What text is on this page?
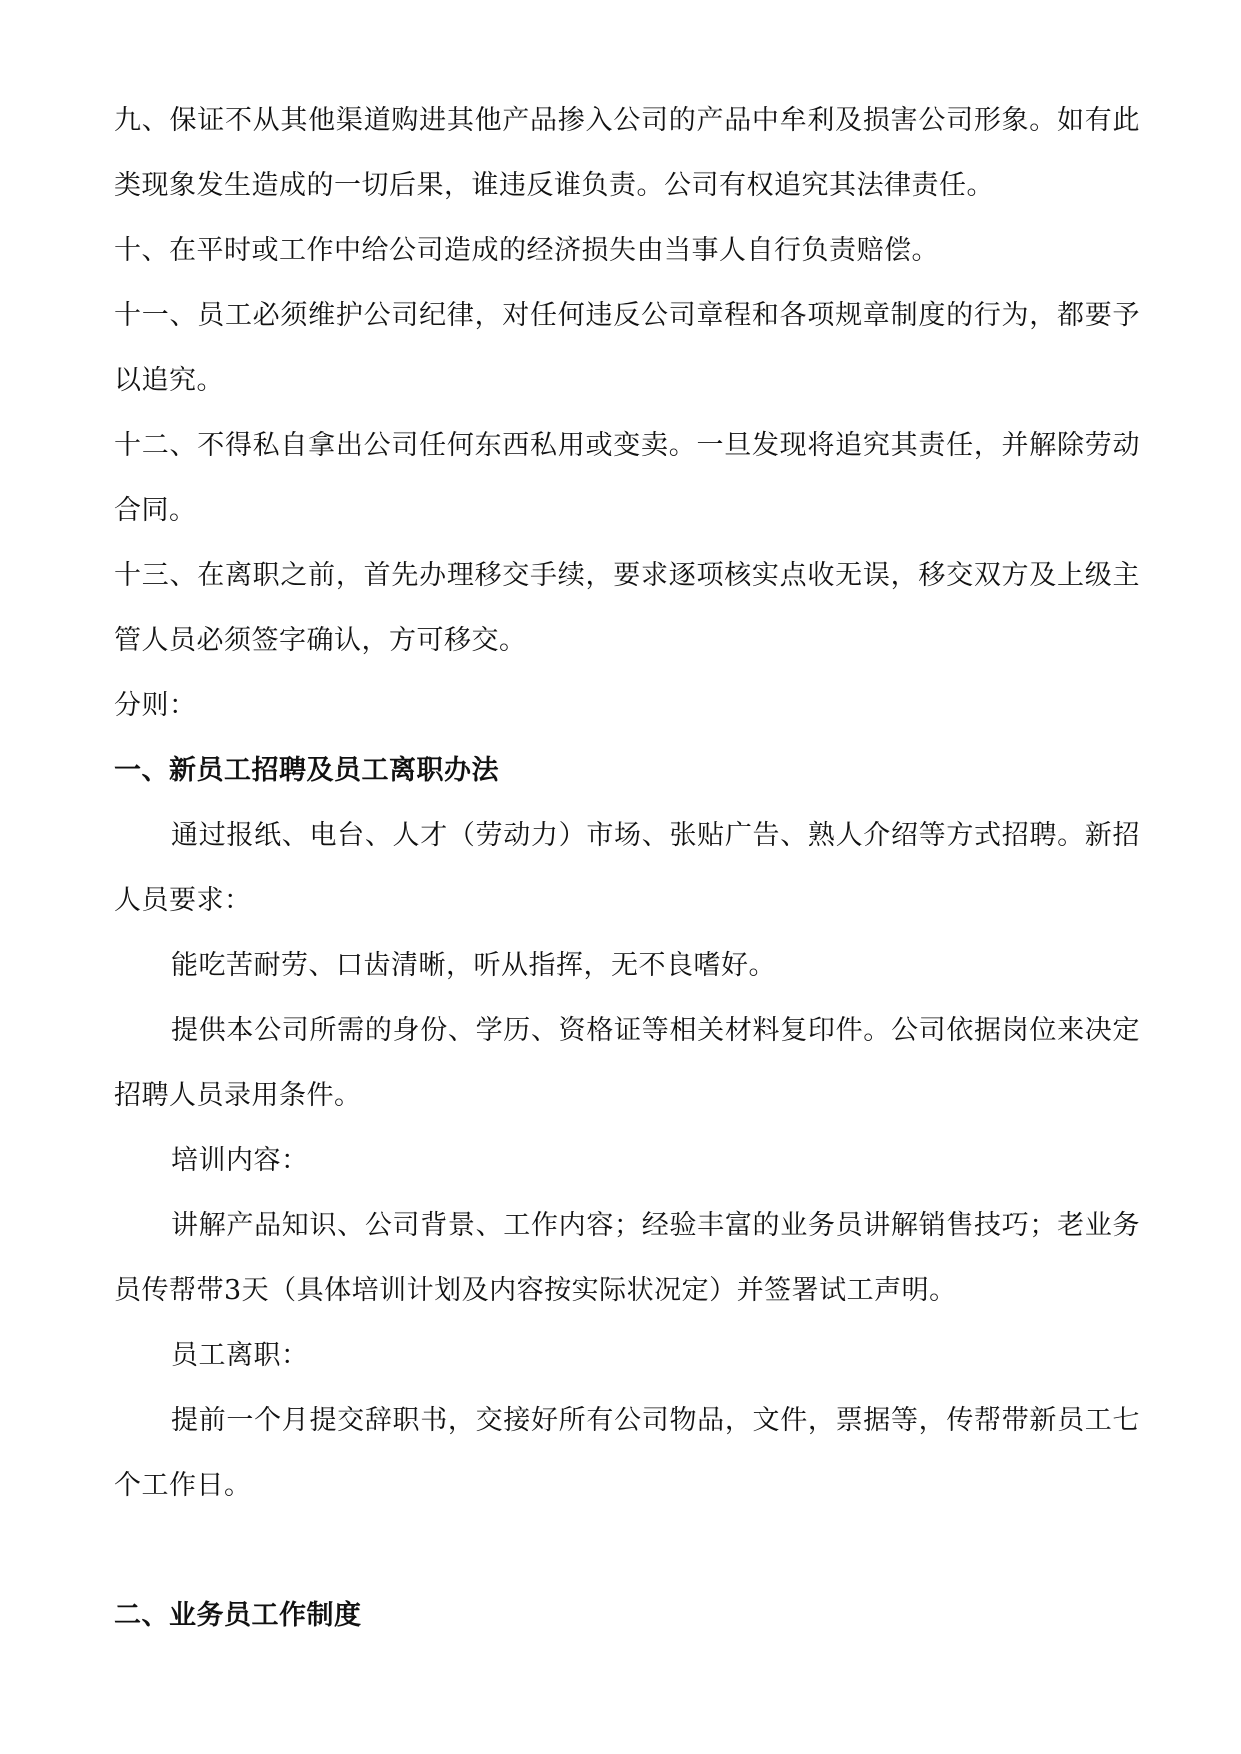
九、保证不从其他渠道购进其他产品掺入公司的产品中牟利及损害公司形象。如有此类现象发生造成的一切后果，谁违反谁负责。公司有权追究其法律责任。

十、在平时或工作中给公司造成的经济损失由当事人自行负责赔偿。

十一、员工必须维护公司纪律，对任何违反公司章程和各项规章制度的行为，都要予以追究。

十二、不得私自拿出公司任何东西私用或变卖。一旦发现将追究其责任，并解除劳动合同。

十三、在离职之前，首先办理移交手续，要求逐项核实点收无误，移交双方及上级主管人员必须签字确认，方可移交。

分则：

一、新员工招聘及员工离职办法

通过报纸、电台、人才（劳动力）市场、张贴广告、熟人介绍等方式招聘。新招人员要求：

能吃苦耐劳、口齿清晰，听从指挥，无不良嗜好。

提供本公司所需的身份、学历、资格证等相关材料复印件。公司依据岗位来决定招聘人员录用条件。

培训内容：

讲解产品知识、公司背景、工作内容；经验丰富的业务员讲解销售技巧；老业务员传帮带3天（具体培训计划及内容按实际状况定）并签署试工声明。

员工离职：

提前一个月提交辞职书，交接好所有公司物品，文件，票据等，传帮带新员工七个工作日。

二、业务员工作制度
